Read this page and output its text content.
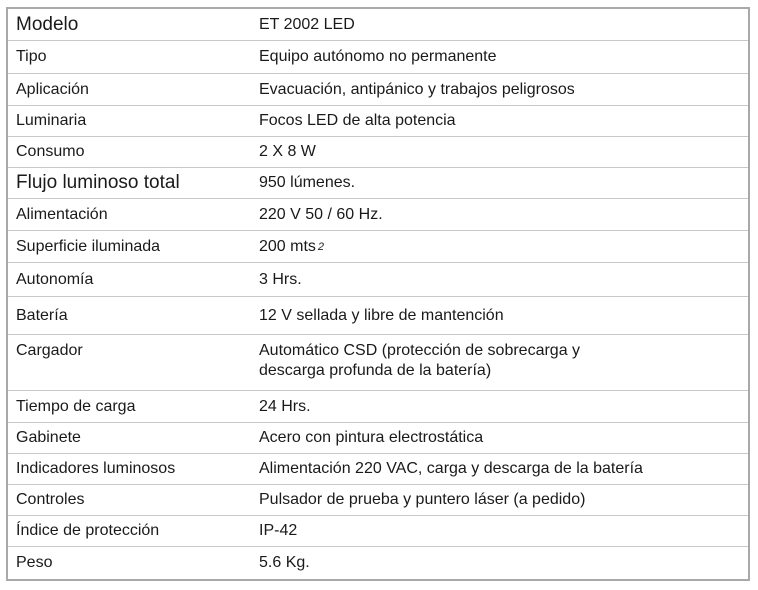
Modelo	ET 2002 LED
Tipo	Equipo autónomo no permanente
Aplicación	Evacuación, antipánico y trabajos peligrosos
Luminaria	Focos LED de alta potencia
Consumo	2 X 8 W
Flujo luminoso total	950 lúmenes.
Alimentación	220 V 50 / 60 Hz.
Superficie iluminada	200 mts 2
Autonomía	3 Hrs.
Batería	12 V sellada y libre de mantención
Cargador	Automático CSD (protección de sobrecarga y
descarga profunda de la batería)
Tiempo de carga	24 Hrs.
Gabinete	Acero con pintura electrostática
Indicadores luminosos	Alimentación 220 VAC, carga y descarga de la batería
Controles	Pulsador de prueba y puntero láser (a pedido)
Índice de protección	IP-42
Peso	5.6 Kg.
